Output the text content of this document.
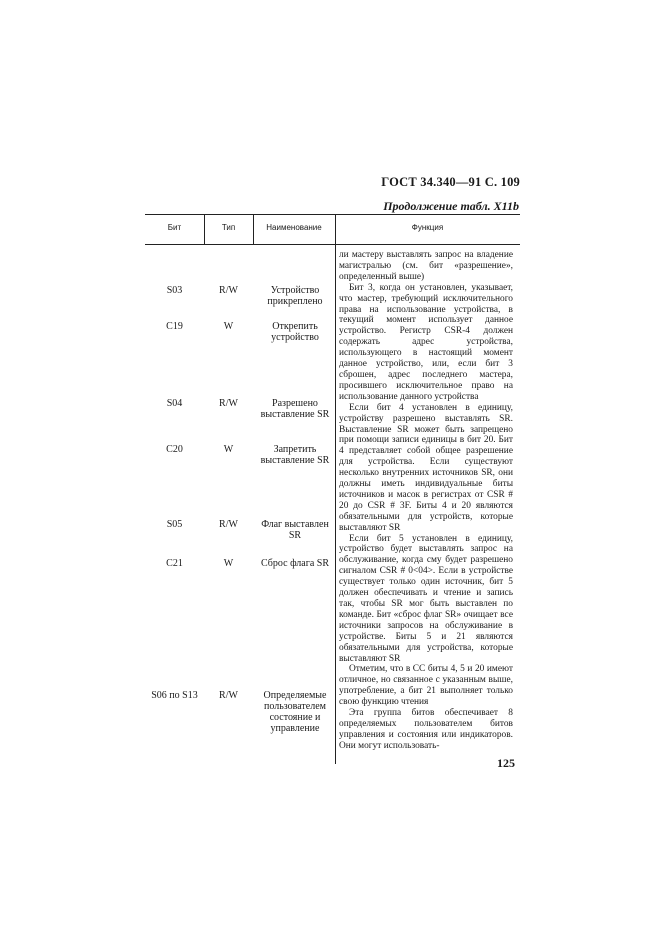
ГОСТ 34.340—91 С. 109
Продолжение табл. Х11b
Бит	Тип	Наименование	Функция
S03	R/W	Устройство прикреплено
C19	W	Открепить устройство
S04	R/W	Разрешено выставление SR
C20	W	Запретить выставление SR
S05	R/W	Флаг выставлен SR
C21	W	Сброс флага SR
S06 по S13	R/W	Определяемые пользователем состояние и управление

ли мастеру выставлять запрос на владение магистралью (см. бит «разрешение», определенный выше)

Бит 3, когда он установлен, указывает, что мастер, требующий исключительного права на использование устройства, в текущий момент использует данное устройство. Регистр CSR-4 должен содержать адрес устройства, использующего в настоящий момент данное устройство, или, если бит 3 сброшен, адрес последнего мастера, просившего исключительное право на использование данного устройства

Если бит 4 установлен в единицу, устройству разрешено выставлять SR. Выставление SR может быть запрещено при помощи записи единицы в бит 20. Бит 4 представляет собой общее разрешение для устройства. Если существуют несколько внутренних источников SR, они должны иметь индивидуальные биты источников и масок в регистрах от CSR # 20 до CSR # 3F. Биты 4 и 20 являются обязательными для устройств, которые выставляют SR

Если бит 5 установлен в единицу, устройство будет выставлять запрос на обслуживание, когда сму будет разрешено сигналом CSR # 0<04>. Если в устройстве существует только один источник, бит 5 должен обеспечивать и чтение и запись так, чтобы SR мог быть выставлен по команде. Бит «сброс флаг SR» очищает все источники запросов на обслуживание в устройстве. Биты 5 и 21 являются обязательными для устройства, которые выставляют SR

Отметим, что в СС биты 4, 5 и 20 имеют отличное, но связанное с указанным выше, употребление, а бит 21 выполняет только свою функцию чтения

Эта группа битов обеспечивает 8 определяемых пользователем битов управления и состояния или индикаторов. Они могут использовать-

125
